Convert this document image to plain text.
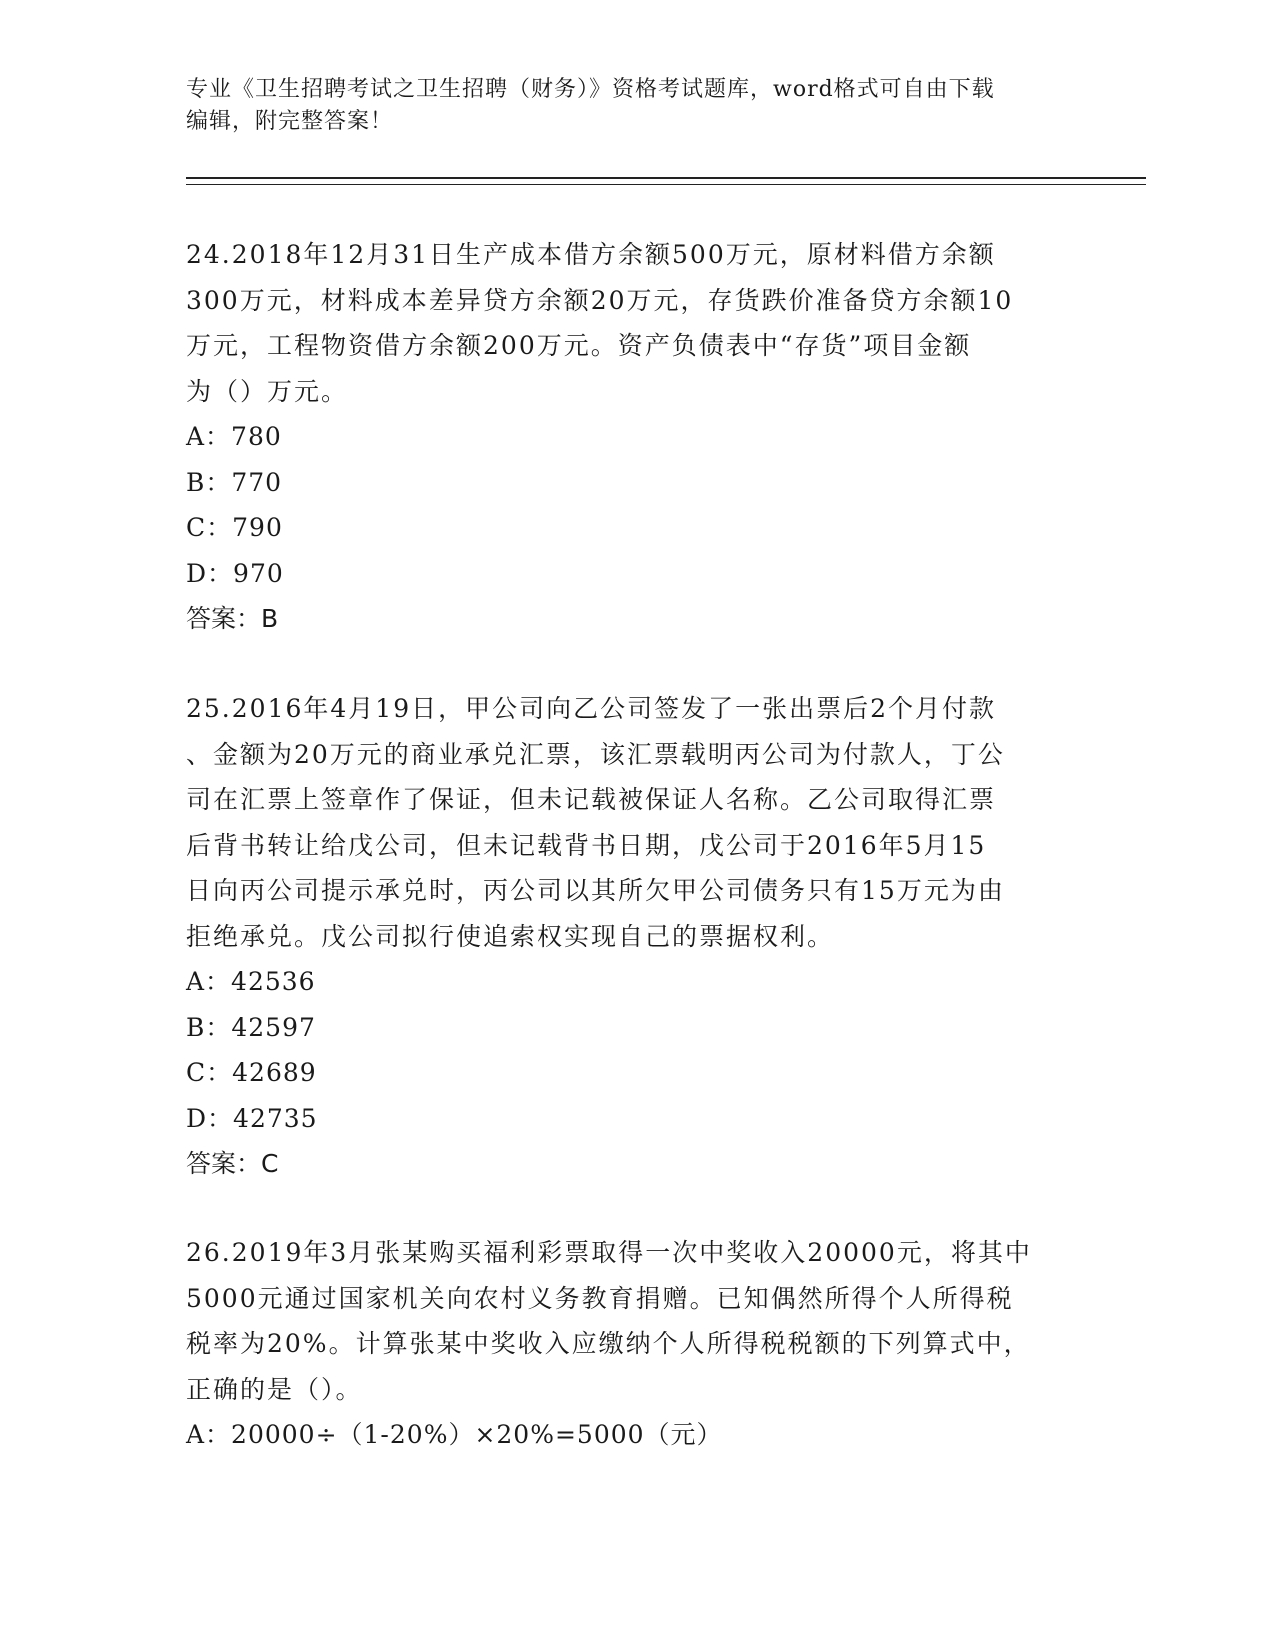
专业《卫生招聘考试之卫生招聘（财务）》资格考试题库，word格式可自由下载
编辑，附完整答案！

24.2018年12月31日生产成本借方余额500万元，原材料借方余额

300万元，材料成本差异贷方余额20万元，存货跌价准备贷方余额10

万元，工程物资借方余额200万元。资产负债表中“存货”项目金额

为（）万元。

A：780

B：770

C：790

D：970

答案：B

25.2016年4月19日，甲公司向乙公司签发了一张出票后2个月付款

、金额为20万元的商业承兑汇票，该汇票载明丙公司为付款人，丁公

司在汇票上签章作了保证，但未记载被保证人名称。乙公司取得汇票

后背书转让给戊公司，但未记载背书日期，戊公司于2016年5月15

日向丙公司提示承兑时，丙公司以其所欠甲公司债务只有15万元为由

拒绝承兑。戊公司拟行使追索权实现自己的票据权利。

A：42536

B：42597

C：42689

D：42735

答案：C

26.2019年3月张某购买福利彩票取得一次中奖收入20000元，将其中

5000元通过国家机关向农村义务教育捐赠。已知偶然所得个人所得税

税率为20%。计算张某中奖收入应缴纳个人所得税税额的下列算式中，

正确的是（）。

A：20000÷（1-20%）×20%=5000（元）
